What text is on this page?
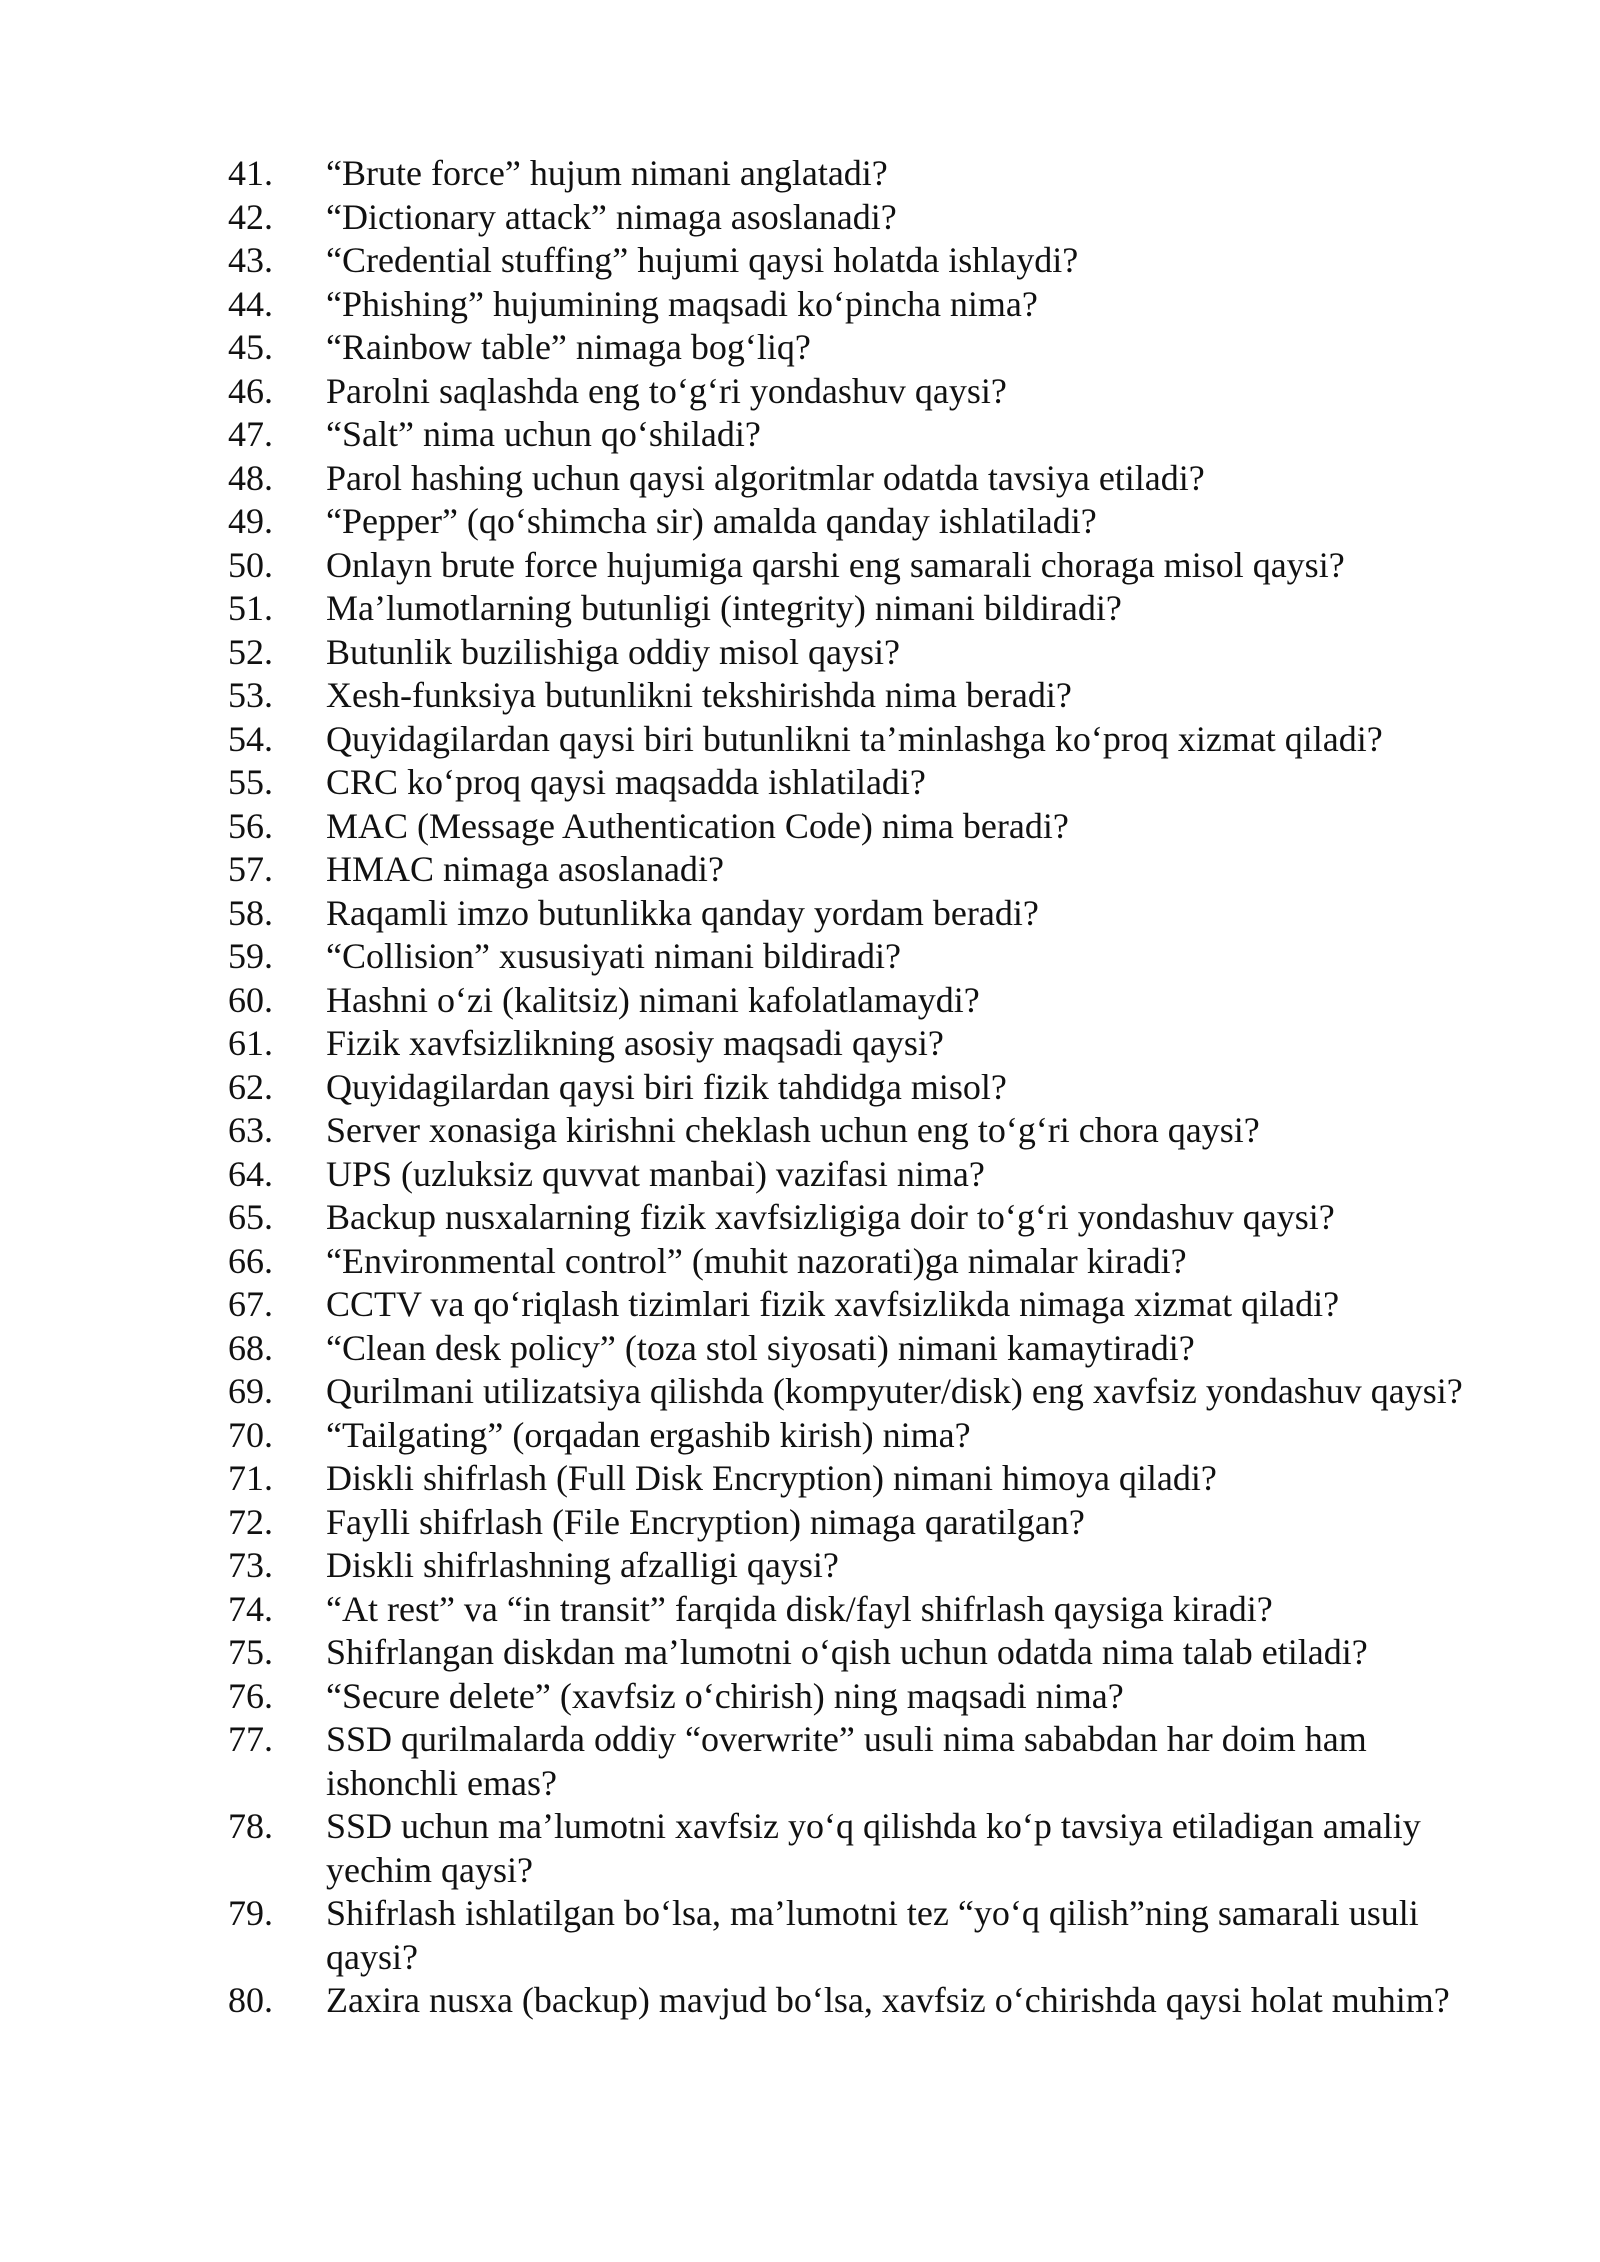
41.	“Brute force” hujum nimani anglatadi?
42.	“Dictionary attack” nimaga asoslanadi?
43.	“Credential stuffing” hujumi qaysi holatda ishlaydi?
44.	“Phishing” hujumining maqsadi ko‘pincha nima?
45.	“Rainbow table” nimaga bog‘liq?
46.	Parolni saqlashda eng to‘g‘ri yondashuv qaysi?
47.	“Salt” nima uchun qo‘shiladi?
48.	Parol hashing uchun qaysi algoritmlar odatda tavsiya etiladi?
49.	“Pepper” (qo‘shimcha sir) amalda qanday ishlatiladi?
50.	Onlayn brute force hujumiga qarshi eng samarali choraga misol qaysi?
51.	Ma’lumotlarning butunligi (integrity) nimani bildiradi?
52.	Butunlik buzilishiga oddiy misol qaysi?
53.	Xesh-funksiya butunlikni tekshirishda nima beradi?
54.	Quyidagilardan qaysi biri butunlikni ta’minlashga ko‘proq xizmat qiladi?
55.	CRC ko‘proq qaysi maqsadda ishlatiladi?
56.	MAC (Message Authentication Code) nima beradi?
57.	HMAC nimaga asoslanadi?
58.	Raqamli imzo butunlikka qanday yordam beradi?
59.	“Collision” xususiyati nimani bildiradi?
60.	Hashni o‘zi (kalitsiz) nimani kafolatlamaydi?
61.	Fizik xavfsizlikning asosiy maqsadi qaysi?
62.	Quyidagilardan qaysi biri fizik tahdidga misol?
63.	Server xonasiga kirishni cheklash uchun eng to‘g‘ri chora qaysi?
64.	UPS (uzluksiz quvvat manbai) vazifasi nima?
65.	Backup nusxalarning fizik xavfsizligiga doir to‘g‘ri yondashuv qaysi?
66.	“Environmental control” (muhit nazorati)ga nimalar kiradi?
67.	CCTV va qo‘riqlash tizimlari fizik xavfsizlikda nimaga xizmat qiladi?
68.	“Clean desk policy” (toza stol siyosati) nimani kamaytiradi?
69.	Qurilmani utilizatsiya qilishda (kompyuter/disk) eng xavfsiz yondashuv qaysi?
70.	“Tailgating” (orqadan ergashib kirish) nima?
71.	Diskli shifrlash (Full Disk Encryption) nimani himoya qiladi?
72.	Faylli shifrlash (File Encryption) nimaga qaratilgan?
73.	Diskli shifrlashning afzalligi qaysi?
74.	“At rest” va “in transit” farqida disk/fayl shifrlash qaysiga kiradi?
75.	Shifrlangan diskdan ma’lumotni o‘qish uchun odatda nima talab etiladi?
76.	“Secure delete” (xavfsiz o‘chirish) ning maqsadi nima?
77.	SSD qurilmalarda oddiy “overwrite” usuli nima sababdan har doim ham ishonchli emas?
78.	SSD uchun ma’lumotni xavfsiz yo‘q qilishda ko‘p tavsiya etiladigan amaliy yechim qaysi?
79.	Shifrlash ishlatilgan bo‘lsa, ma’lumotni tez “yo‘q qilish”ning samarali usuli qaysi?
80.	Zaxira nusxa (backup) mavjud bo‘lsa, xavfsiz o‘chirishda qaysi holat muhim?
